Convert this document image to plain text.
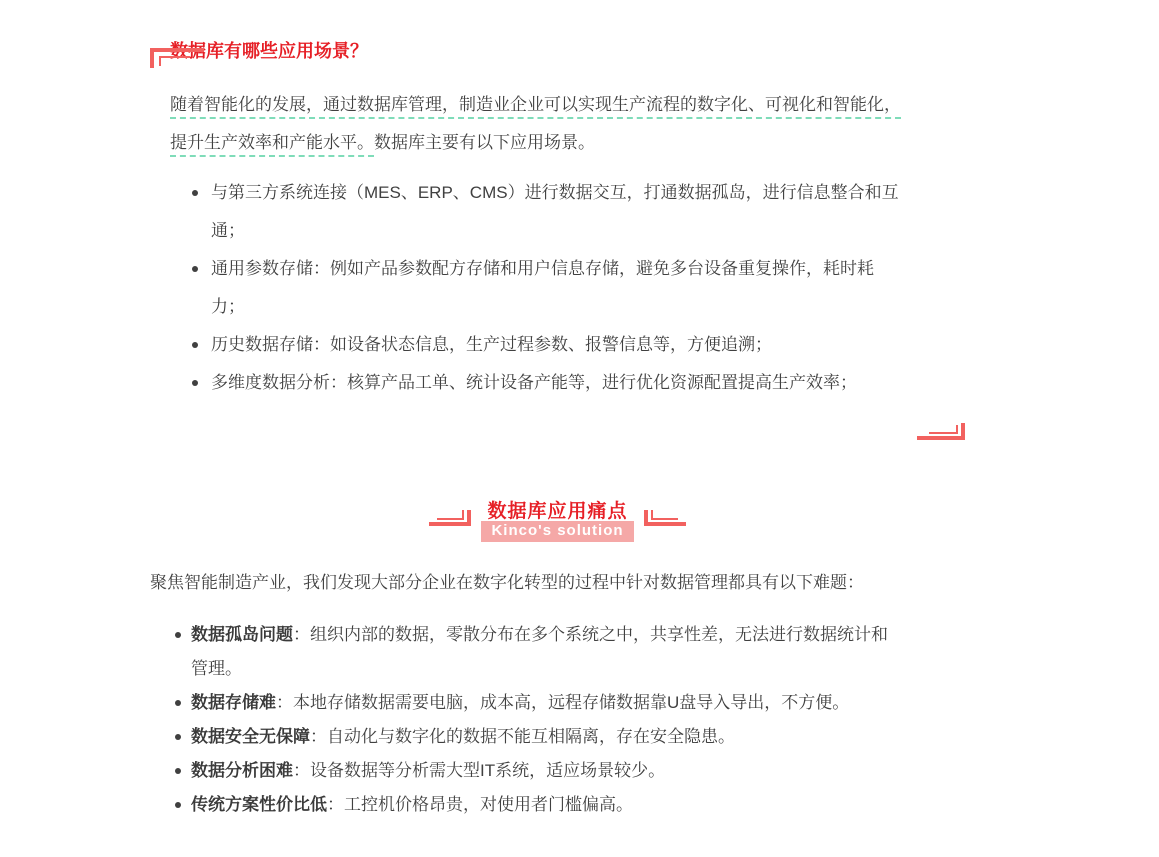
数据库有哪些应用场景？

随着智能化的发展，通过数据库管理，制造业企业可以实现生产流程的数字化、可视化和智能化，提升生产效率和产能水平。数据库主要有以下应用场景。

与第三方系统连接（MES、ERP、CMS）进行数据交互，打通数据孤岛，进行信息整合和互通；
通用参数存储：例如产品参数配方存储和用户信息存储，避免多台设备重复操作，耗时耗力；
历史数据存储：如设备状态信息，生产过程参数、报警信息等，方便追溯；
多维度数据分析：核算产品工单、统计设备产能等，进行优化资源配置提高生产效率；
数据库应用痛点
Kinco's solution

聚焦智能制造产业，我们发现大部分企业在数字化转型的过程中针对数据管理都具有以下难题：

数据孤岛问题：组织内部的数据，零散分布在多个系统之中，共享性差，无法进行数据统计和管理。
数据存储难：本地存储数据需要电脑，成本高，远程存储数据靠U盘导入导出，不方便。
数据安全无保障：自动化与数字化的数据不能互相隔离，存在安全隐患。
数据分析困难：设备数据等分析需大型IT系统，适应场景较少。
传统方案性价比低：工控机价格昂贵，对使用者门槛偏高。
